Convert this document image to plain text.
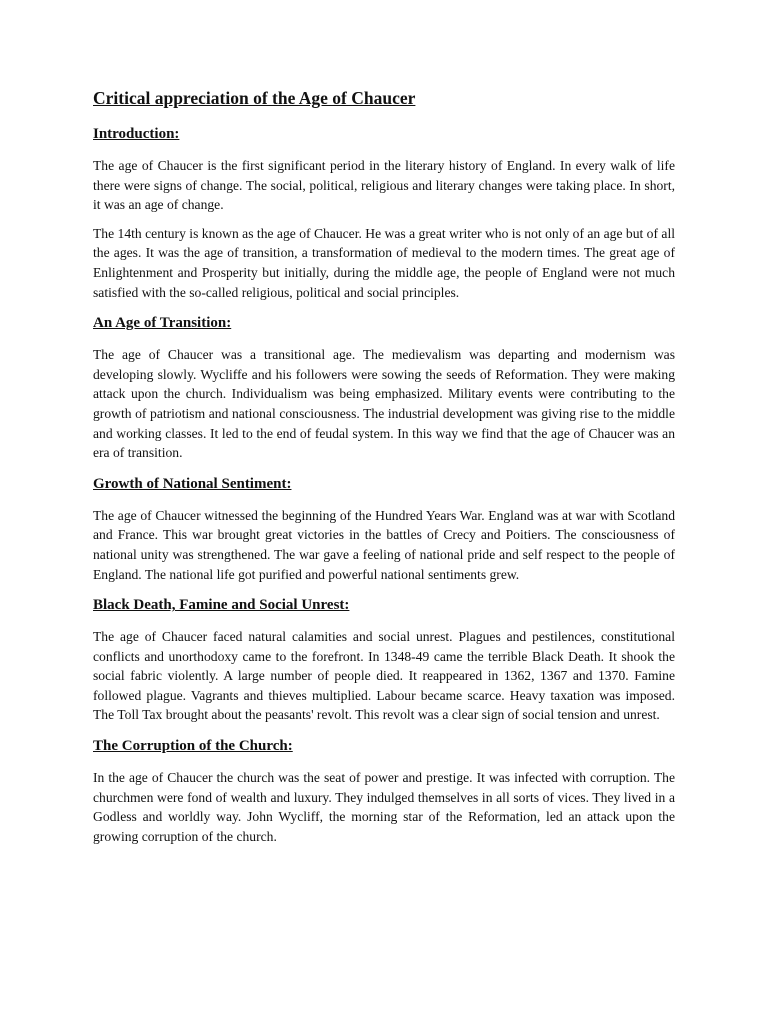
Critical appreciation of the Age of Chaucer
Introduction:

The age of Chaucer is the first significant period in the literary history of England. In every walk of life there were signs of change. The social, political, religious and literary changes were taking place. In short, it was an age of change.

The 14th century is known as the age of Chaucer. He was a great writer who is not only of an age but of all the ages. It was the age of transition, a transformation of medieval to the modern times. The great age of Enlightenment and Prosperity but initially, during the middle age, the people of England were not much satisfied with the so-called religious, political and social principles.

An Age of Transition:

The age of Chaucer was a transitional age. The medievalism was departing and modernism was developing slowly. Wycliffe and his followers were sowing the seeds of Reformation. They were making attack upon the church. Individualism was being emphasized. Military events were contributing to the growth of patriotism and national consciousness. The industrial development was giving rise to the middle and working classes. It led to the end of feudal system. In this way we find that the age of Chaucer was an era of transition.

Growth of National Sentiment:

The age of Chaucer witnessed the beginning of the Hundred Years War. England was at war with Scotland and France. This war brought great victories in the battles of Crecy and Poitiers. The consciousness of national unity was strengthened. The war gave a feeling of national pride and self respect to the people of England. The national life got purified and powerful national sentiments grew.

Black Death, Famine and Social Unrest:

The age of Chaucer faced natural calamities and social unrest. Plagues and pestilences, constitutional conflicts and unorthodoxy came to the forefront. In 1348-49 came the terrible Black Death. It shook the social fabric violently. A large number of people died. It reappeared in 1362, 1367 and 1370. Famine followed plague. Vagrants and thieves multiplied. Labour became scarce. Heavy taxation was imposed. The Toll Tax brought about the peasants' revolt. This revolt was a clear sign of social tension and unrest.

The Corruption of the Church:

In the age of Chaucer the church was the seat of power and prestige. It was infected with corruption. The churchmen were fond of wealth and luxury. They indulged themselves in all sorts of vices. They lived in a Godless and worldly way. John Wycliff, the morning star of the Reformation, led an attack upon the growing corruption of the church.
